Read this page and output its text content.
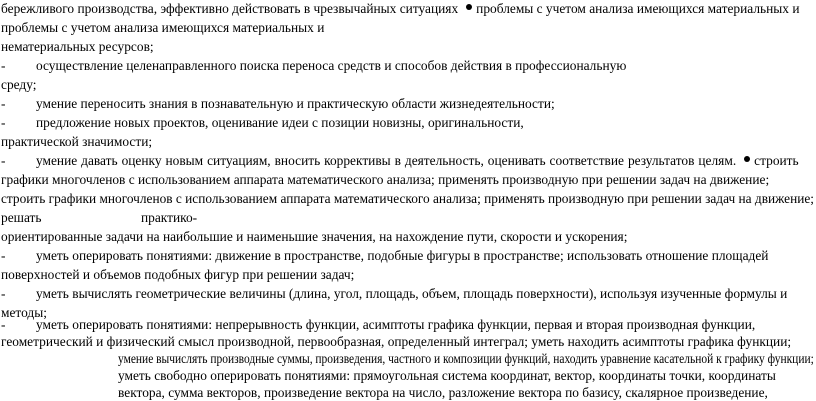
бережливого производства, эффективно действовать в чрезвычайных ситуациях проблемы с учетом анализа имеющихся материальных и
проблемы с учетом анализа имеющихся материальных и
нематериальных ресурсов;
- осуществление целенаправленного поиска переноса средств и способов действия в профессиональную
среду;
- умение переносить знания в познавательную и практическую области жизнедеятельности;
- предложение новых проектов, оценивание идеи с позиции новизны, оригинальности,
практической значимости;
- умение давать оценку новым ситуациям, вносить коррективы в деятельность, оценивать соответствие результатов целям. строить
графики многочленов с использованием аппарата математического анализа; применять производную при решении задач на движение;
строить графики многочленов с использованием аппарата математического анализа; применять производную при решении задач на движение;
решать	практико-
ориентированные задачи на наибольшие и наименьшие значения, на нахождение пути, скорости и ускорения;
- уметь оперировать понятиями: движение в пространстве, подобные фигуры в пространстве; использовать отношение площадей
поверхностей и объемов подобных фигур при решении задач;
- уметь вычислять геометрические величины (длина, угол, площадь, объем, площадь поверхности), используя изученные формулы и
методы;
- уметь оперировать понятиями: непрерывность функции, асимптоты графика функции, первая и вторая производная функции,
геометрический и физический смысл производной, первообразная, определенный интеграл; уметь находить асимптоты графика функции;
умение вычислять производные суммы, произведения, частного и композиции функций, находить уравнение касательной к графику функции;
уметь свободно оперировать понятиями: прямоугольная система координат, вектор, координаты точки, координаты
вектора, сумма векторов, произведение вектора на число, разложение вектора по базису, скалярное произведение,
